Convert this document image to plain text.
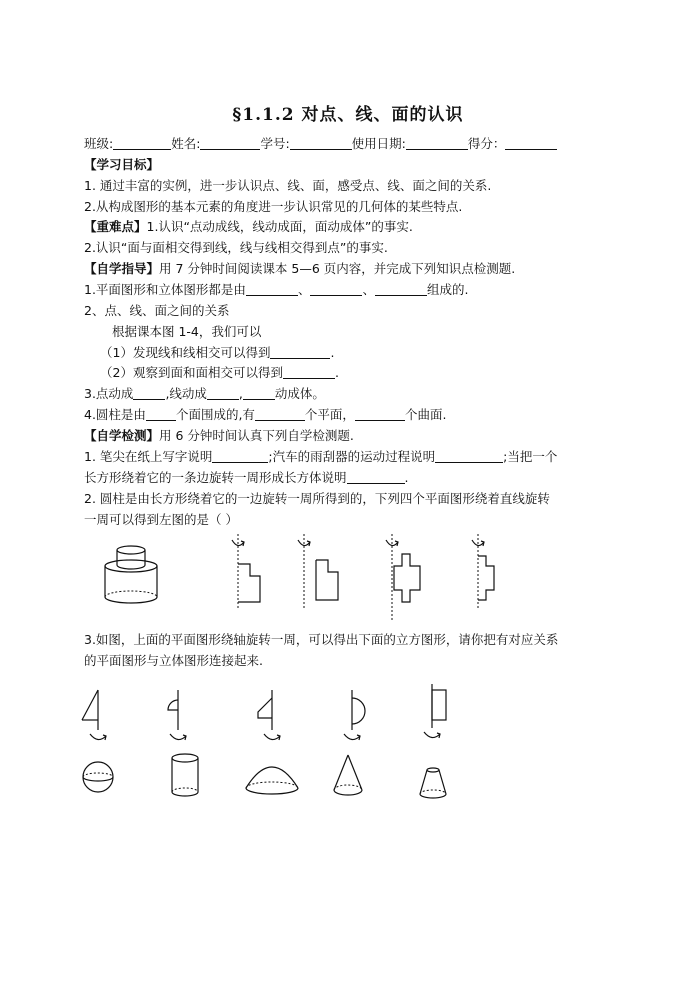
§1.1.2 对点、线、面的认识
班级:	姓名:	学号:	使用日期:	得分：
【学习目标】
1. 通过丰富的实例，进一步认识点、线、面，感受点、线、面之间的关系.
2.从构成图形的基本元素的角度进一步认识常见的几何体的某些特点.
【重难点】1.认识“点动成线，线动成面，面动成体”的事实.
2.认识“面与面相交得到线，线与线相交得到点”的事实.
【自学指导】用 7 分钟时间阅读课本 5—6 页内容，并完成下列知识点检测题.
1.平面图形和立体图形都是由	、	、	组成的.
2、点、线、面之间的关系
根据课本图 1-4，我们可以
（1）发现线和线相交可以得到	.
（2）观察到面和面相交可以得到	.
3.点动成	,线动成	,	动成体。
4.圆柱是由 个面围成的,有	个平面，	个曲面.
【自学检测】用 6 分钟时间认真下列自学检测题.
1. 笔尖在纸上写字说明	;汽车的雨刮器的运动过程说明	;当把一个
长方形绕着它的一条边旋转一周形成长方体说明	.
2. 圆柱是由长方形绕着它的一边旋转一周所得到的，下列四个平面图形绕着直线旋转
一周可以得到左图的是（ ）
3.如图，上面的平面图形绕轴旋转一周，可以得出下面的立方图形，请你把有对应关系
的平面图形与立体图形连接起来.
